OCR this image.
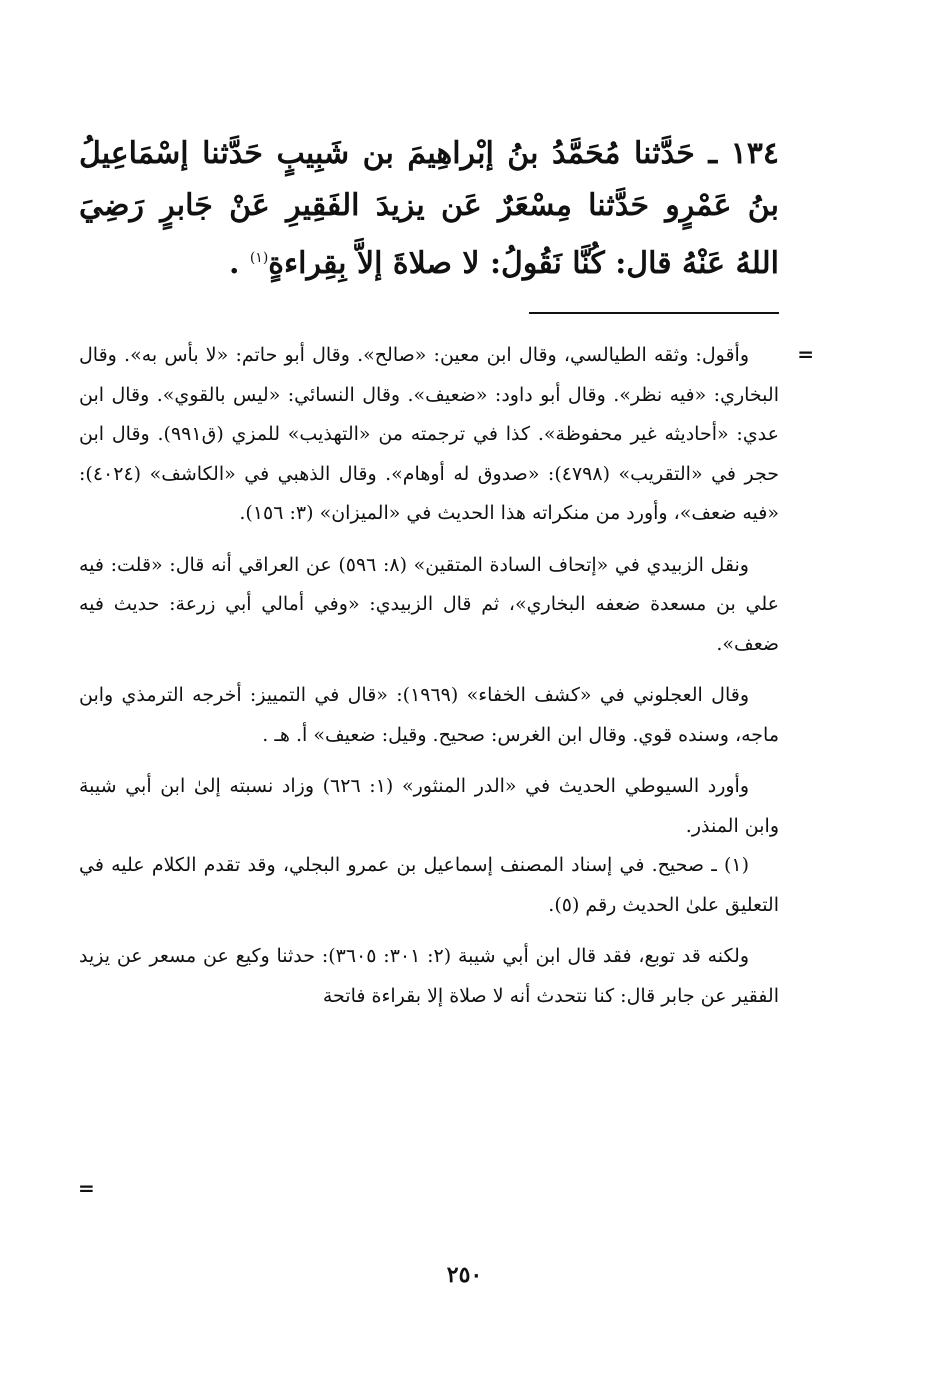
١٣٤ ـ حَدَّثنا مُحَمَّدُ بنُ إبْراهِيمَ بن شَبِيبٍ حَدَّثنا إسْمَاعِيلُ بنُ عَمْرٍو حَدَّثنا مِسْعَرٌ عَن يزيدَ الفَقِيرِ عَنْ جَابرٍ رَضِيَ اللهُ عَنْهُ قال: كُنَّا نَقُولُ: لا صلاةَ إلاَّ بِقِراءةٍ$^{(١)}$ .
=

وأقول: وثقه الطيالسي، وقال ابن معين: «صالح». وقال أبو حاتم: «لا بأس به». وقال البخاري: «فيه نظر». وقال أبو داود: «ضعيف». وقال النسائي: «ليس بالقوي». وقال ابن عدي: «أحاديثه غير محفوظة». كذا في ترجمته من «التهذيب» للمزي (ق٩٩١). وقال ابن حجر في «التقريب» (٤٧٩٨): «صدوق له أوهام». وقال الذهبي في «الكاشف» (٤٠٢٤): «فيه ضعف»، وأورد من منكراته هذا الحديث في «الميزان» (٣: ١٥٦).

ونقل الزبيدي في «إتحاف السادة المتقين» (٨: ٥٩٦) عن العراقي أنه قال: «قلت: فيه علي بن مسعدة ضعفه البخاري»، ثم قال الزبيدي: «وفي أمالي أبي زرعة: حديث فيه ضعف».

وقال العجلوني في «كشف الخفاء» (١٩٦٩): «قال في التمييز: أخرجه الترمذي وابن ماجه، وسنده قوي. وقال ابن الغرس: صحيح. وقيل: ضعيف» أ. هـ .

وأورد السيوطي الحديث في «الدر المنثور» (١: ٦٢٦) وزاد نسبته إلىٰ ابن أبي شيبة وابن المنذر.

(١) ـ صحيح. في إسناد المصنف إسماعيل بن عمرو البجلي، وقد تقدم الكلام عليه في التعليق علىٰ الحديث رقم (٥).

ولكنه قد توبع، فقد قال ابن أبي شيبة (٢: ٣٠١: ٣٦٠٥): حدثنا وكيع عن مسعر عن يزيد الفقير عن جابر قال: كنا نتحدث أنه لا صلاة إلا بقراءة فاتحة

=
٢٥٠
